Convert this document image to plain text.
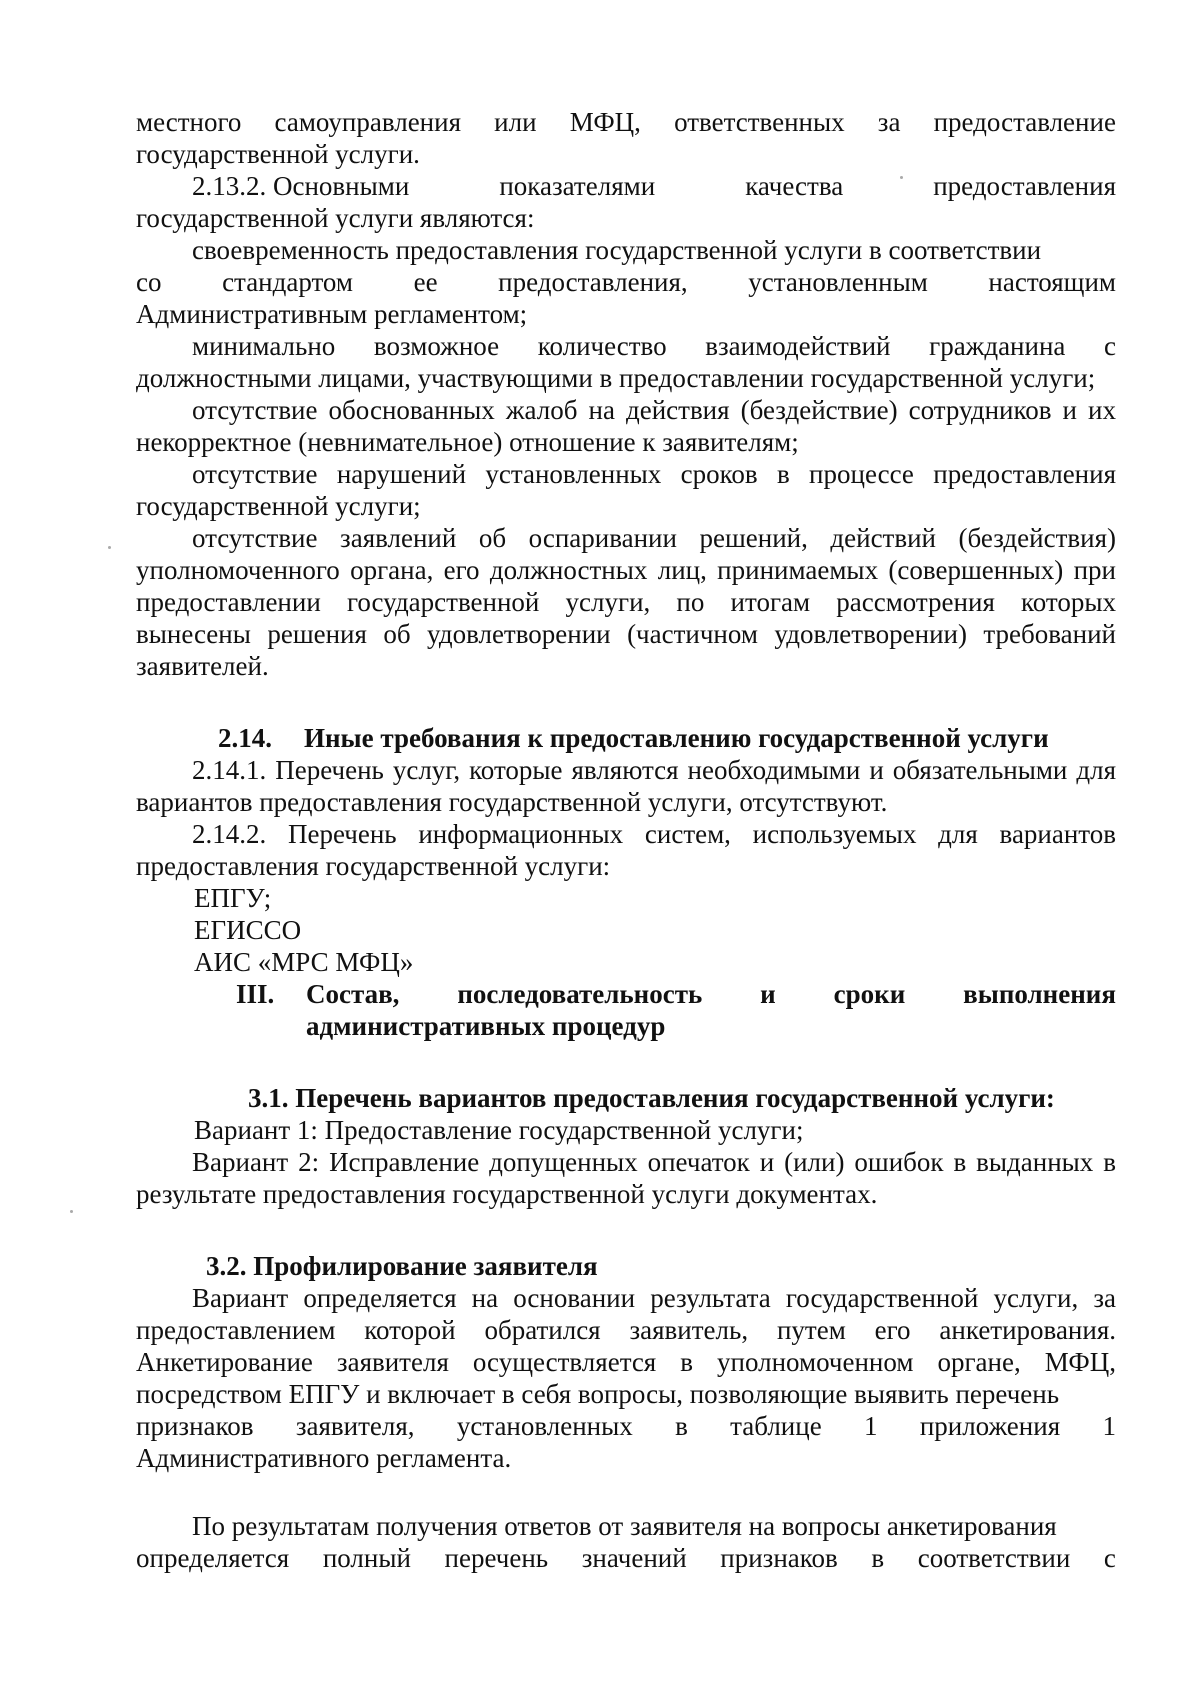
местного самоуправления или МФЦ, ответственных за предоставление

государственной услуги.

2.13.2. Основными	показателями	качества	предоставления

государственной услуги являются:

своевременность предоставления государственной услуги в соответствии

со стандартом ее предоставления, установленным настоящим

Административным регламентом;

минимально возможное количество взаимодействий гражданина с должностными лицами, участвующими в предоставлении государственной услуги;

отсутствие обоснованных жалоб на действия (бездействие) сотрудников и их некорректное (невнимательное) отношение к заявителям;

отсутствие нарушений установленных сроков в процессе предоставления государственной услуги;

отсутствие заявлений об оспаривании решений, действий (бездействия) уполномоченного органа, его должностных лиц, принимаемых (совершенных) при предоставлении государственной услуги, по итогам рассмотрения которых вынесены решения об удовлетворении (частичном удовлетворении) требований заявителей.

2.14. Иные требования к предоставлению государственной услуги

2.14.1. Перечень услуг, которые являются необходимыми и обязательными для вариантов предоставления государственной услуги, отсутствуют.

2.14.2. Перечень информационных систем, используемых для вариантов предоставления государственной услуги:

ЕПГУ;

ЕГИССО

АИС «МРС МФЦ»

III.	Состав, последовательность и сроки выполнения
административных процедур
3.1. Перечень вариантов предоставления государственной услуги:

Вариант 1: Предоставление государственной услуги;

Вариант 2: Исправление допущенных опечаток и (или) ошибок в выданных в результате предоставления государственной услуги документах.

3.2. Профилирование заявителя

Вариант определяется на основании результата государственной услуги, за предоставлением которой обратился заявитель, путем его анкетирования. Анкетирование заявителя осуществляется в уполномоченном органе, МФЦ, посредством ЕПГУ и включает в себя вопросы, позволяющие выявить перечень

признаков заявителя, установленных в таблице 1 приложения 1

Административного регламента.

По результатам получения ответов от заявителя на вопросы анкетирования

определяется полный перечень значений признаков в соответствии с
